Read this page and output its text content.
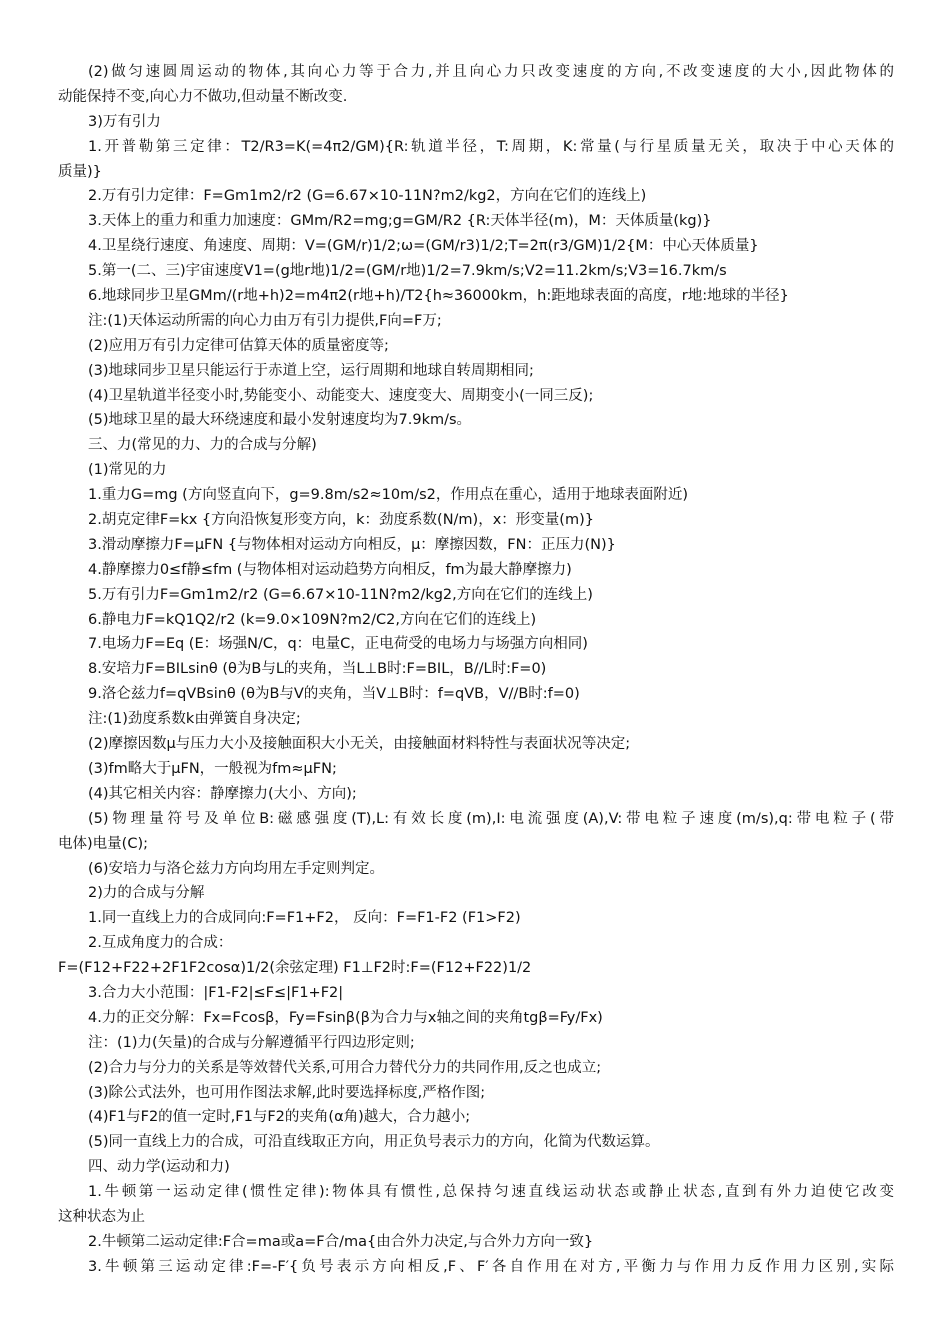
(2)做匀速圆周运动的物体,其向心力等于合力,并且向心力只改变速度的方向,不改变速度的大小,因此物体的
动能保持不变,向心力不做功,但动量不断改变.
3)万有引力
1.开普勒第三定律：T2/R3=K(=4π2/GM){R:轨道半径，T:周期，K:常量(与行星质量无关，取决于中心天体的
质量)}
2.万有引力定律：F=Gm1m2/r2 (G=6.67×10-11N?m2/kg2，方向在它们的连线上)
3.天体上的重力和重力加速度：GMm/R2=mg;g=GM/R2 {R:天体半径(m)，M：天体质量(kg)}
4.卫星绕行速度、角速度、周期：V=(GM/r)1/2;ω=(GM/r3)1/2;T=2π(r3/GM)1/2{M：中心天体质量}
5.第一(二、三)宇宙速度V1=(g地r地)1/2=(GM/r地)1/2=7.9km/s;V2=11.2km/s;V3=16.7km/s
6.地球同步卫星GMm/(r地+h)2=m4π2(r地+h)/T2{h≈36000km，h:距地球表面的高度，r地:地球的半径}
注:(1)天体运动所需的向心力由万有引力提供,F向=F万;
(2)应用万有引力定律可估算天体的质量密度等;
(3)地球同步卫星只能运行于赤道上空，运行周期和地球自转周期相同;
(4)卫星轨道半径变小时,势能变小、动能变大、速度变大、周期变小(一同三反);
(5)地球卫星的最大环绕速度和最小发射速度均为7.9km/s。
三、力(常见的力、力的合成与分解)
(1)常见的力
1.重力G=mg (方向竖直向下，g=9.8m/s2≈10m/s2，作用点在重心，适用于地球表面附近)
2.胡克定律F=kx {方向沿恢复形变方向，k：劲度系数(N/m)，x：形变量(m)}
3.滑动摩擦力F=μFN {与物体相对运动方向相反，μ：摩擦因数，FN：正压力(N)}
4.静摩擦力0≤f静≤fm (与物体相对运动趋势方向相反，fm为最大静摩擦力)
5.万有引力F=Gm1m2/r2 (G=6.67×10-11N?m2/kg2,方向在它们的连线上)
6.静电力F=kQ1Q2/r2 (k=9.0×109N?m2/C2,方向在它们的连线上)
7.电场力F=Eq (E：场强N/C，q：电量C，正电荷受的电场力与场强方向相同)
8.安培力F=BILsinθ (θ为B与L的夹角，当L⊥B时:F=BIL，B//L时:F=0)
9.洛仑兹力f=qVBsinθ (θ为B与V的夹角，当V⊥B时：f=qVB，V//B时:f=0)
注:(1)劲度系数k由弹簧自身决定;
(2)摩擦因数μ与压力大小及接触面积大小无关，由接触面材料特性与表面状况等决定;
(3)fm略大于μFN，一般视为fm≈μFN;
(4)其它相关内容：静摩擦力(大小、方向);
(5)物理量符号及单位B:磁感强度(T),L:有效长度(m),I:电流强度(A),V:带电粒子速度(m/s),q:带电粒子(带
电体)电量(C);
(6)安培力与洛仑兹力方向均用左手定则判定。
2)力的合成与分解
1.同一直线上力的合成同向:F=F1+F2， 反向：F=F1-F2 (F1>F2)
2.互成角度力的合成：
F=(F12+F22+2F1F2cosα)1/2(余弦定理) F1⊥F2时:F=(F12+F22)1/2
3.合力大小范围：|F1-F2|≤F≤|F1+F2|
4.力的正交分解：Fx=Fcosβ，Fy=Fsinβ(β为合力与x轴之间的夹角tgβ=Fy/Fx)
注：(1)力(矢量)的合成与分解遵循平行四边形定则;
(2)合力与分力的关系是等效替代关系,可用合力替代分力的共同作用,反之也成立;
(3)除公式法外，也可用作图法求解,此时要选择标度,严格作图;
(4)F1与F2的值一定时,F1与F2的夹角(α角)越大，合力越小;
(5)同一直线上力的合成，可沿直线取正方向，用正负号表示力的方向，化简为代数运算。
四、动力学(运动和力)
1.牛顿第一运动定律(惯性定律):物体具有惯性,总保持匀速直线运动状态或静止状态,直到有外力迫使它改变
这种状态为止
2.牛顿第二运动定律:F合=ma或a=F合/ma{由合外力决定,与合外力方向一致}
3.牛顿第三运动定律:F=-F′{负号表示方向相反,F、F′各自作用在对方,平衡力与作用力反作用力区别,实际
